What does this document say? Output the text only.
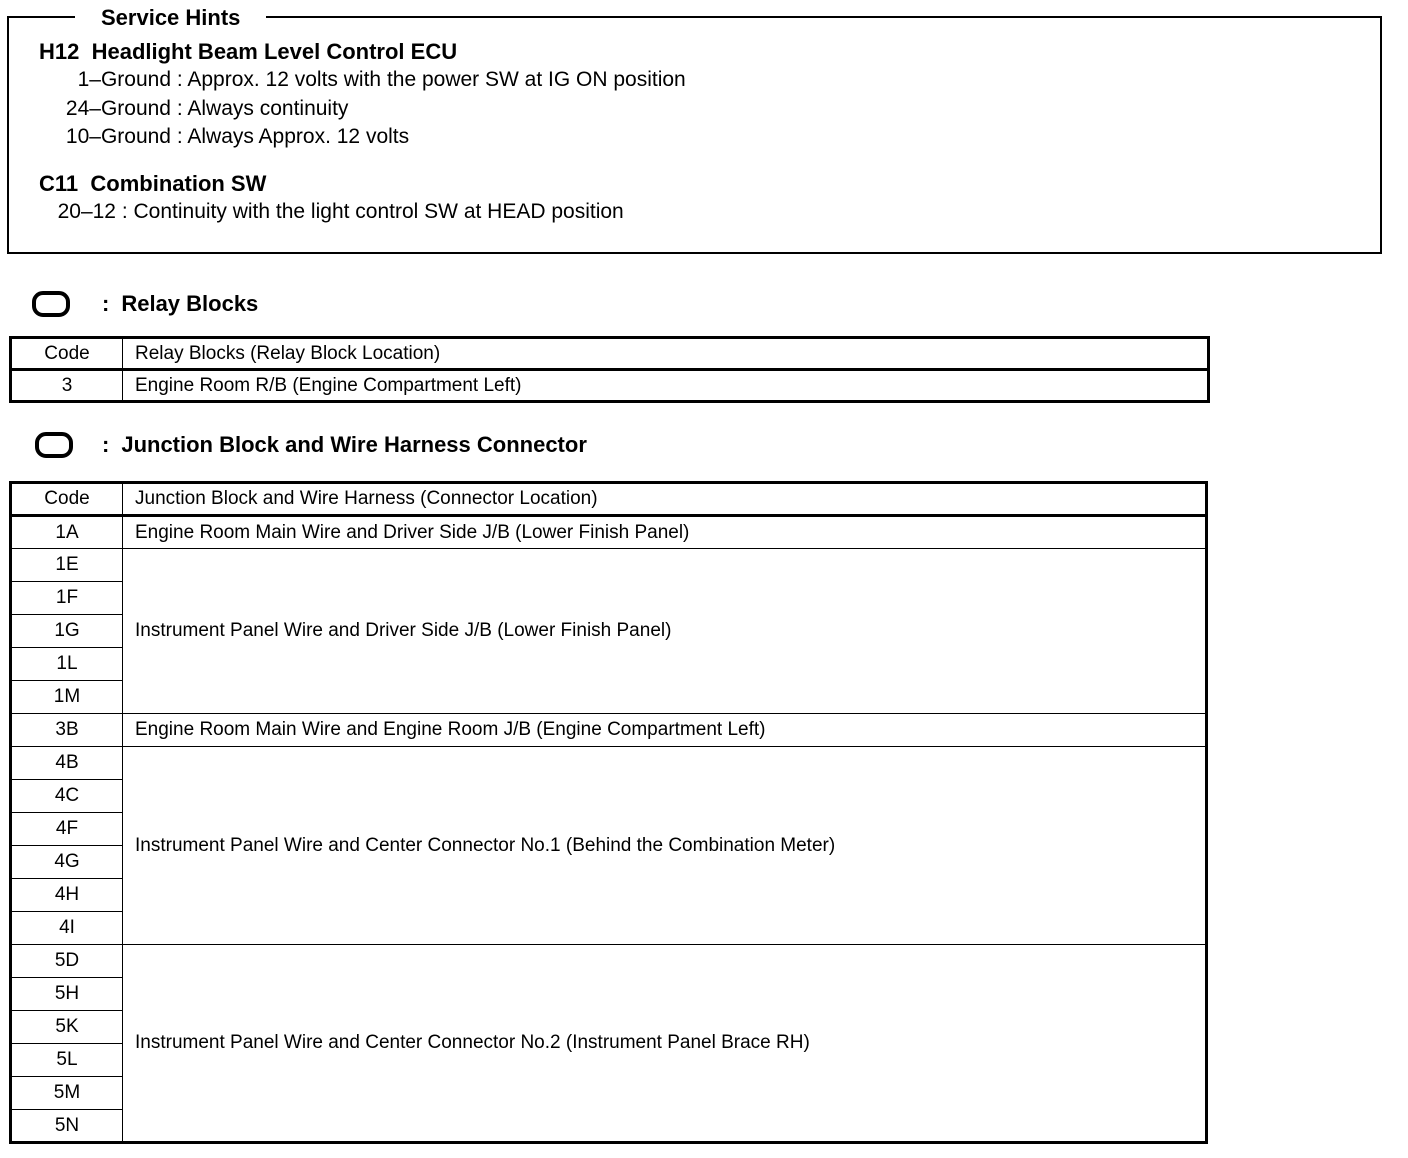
Service Hints
H12 Headlight Beam Level Control ECU
1–Ground : Approx. 12 volts with the power SW at IG ON position
24–Ground : Always continuity
10–Ground : Always Approx. 12 volts
C11 Combination SW
20–12 : Continuity with the light control SW at HEAD position
: Relay Blocks
Code	Relay Blocks (Relay Block Location)
3	Engine Room R/B (Engine Compartment Left)
: Junction Block and Wire Harness Connector
Code	Junction Block and Wire Harness (Connector Location)
1A	Engine Room Main Wire and Driver Side J/B (Lower Finish Panel)
1E	Instrument Panel Wire and Driver Side J/B (Lower Finish Panel)
1F	
1G	
1L	
1M	
3B	Engine Room Main Wire and Engine Room J/B (Engine Compartment Left)
4B	Instrument Panel Wire and Center Connector No.1 (Behind the Combination Meter)
4C	
4F	
4G	
4H	
4I	
5D	Instrument Panel Wire and Center Connector No.2 (Instrument Panel Brace RH)
5H	
5K	
5L	
5M	
5N	
